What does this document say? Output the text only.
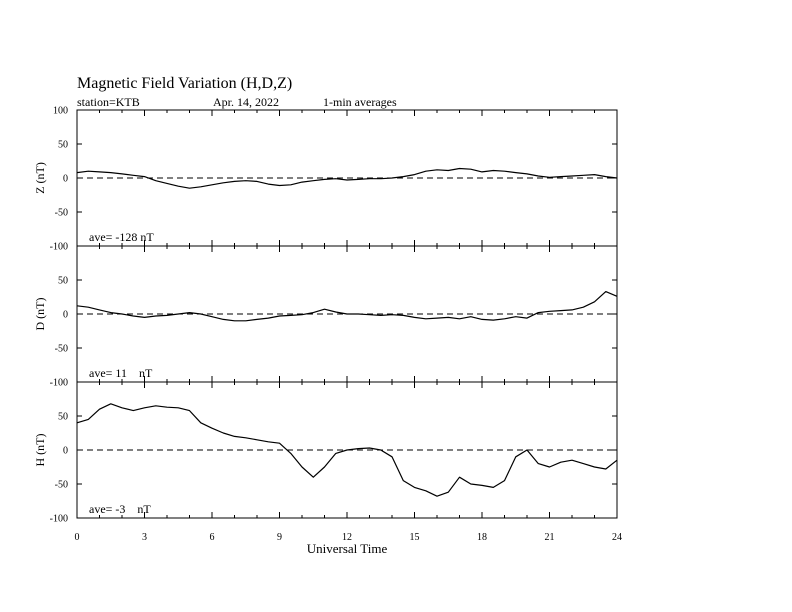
Magnetic Field Variation (H,D,Z)
station=KTB	Apr. 14, 2022	1-min averages
100
50
0
-50
-100
Z (nT)
ave= -128 nT
50
0
-50
-100
D (nT)
ave= 11    nT
50
0
-50
-100
H (nT)
ave= -3    nT
0	3	6	9	12	15	18	21	24
Universal Time
